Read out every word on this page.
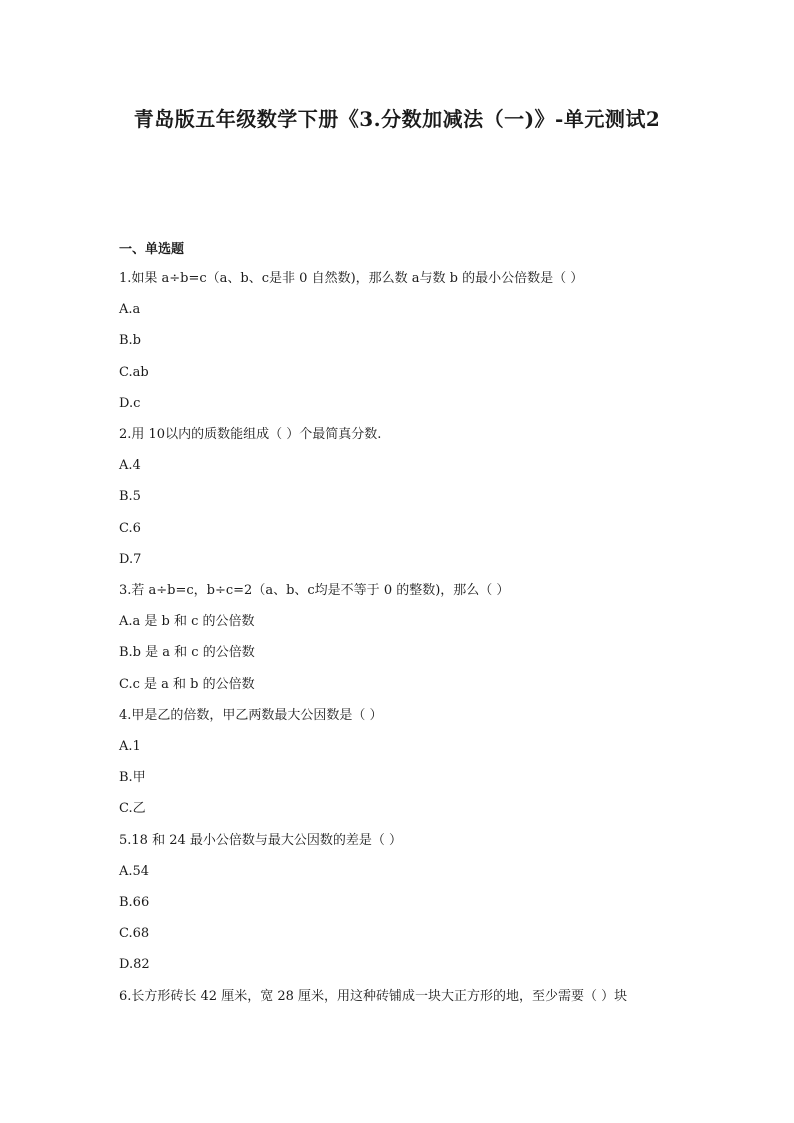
青岛版五年级数学下册《3.分数加减法（一)》-单元测试2
一、单选题
1.如果 a÷b=c（a、b、c是非 0 自然数)，那么数 a与数 b 的最小公倍数是（ ）
A.a
B.b
C.ab
D.c
2.用 10以内的质数能组成（ ）个最简真分数.
A.4
B.5
C.6
D.7
3.若 a÷b=c，b÷c=2（a、b、c均是不等于 0 的整数)，那么（ ）
A.a 是 b 和 c 的公倍数
B.b 是 a 和 c 的公倍数
C.c 是 a 和 b 的公倍数
4.甲是乙的倍数，甲乙两数最大公因数是（ ）
A.1
B.甲
C.乙
5.18 和 24 最小公倍数与最大公因数的差是（ ）
A.54
B.66
C.68
D.82
6.长方形砖长 42 厘米，宽 28 厘米，用这种砖铺成一块大正方形的地，至少需要（ ）块
